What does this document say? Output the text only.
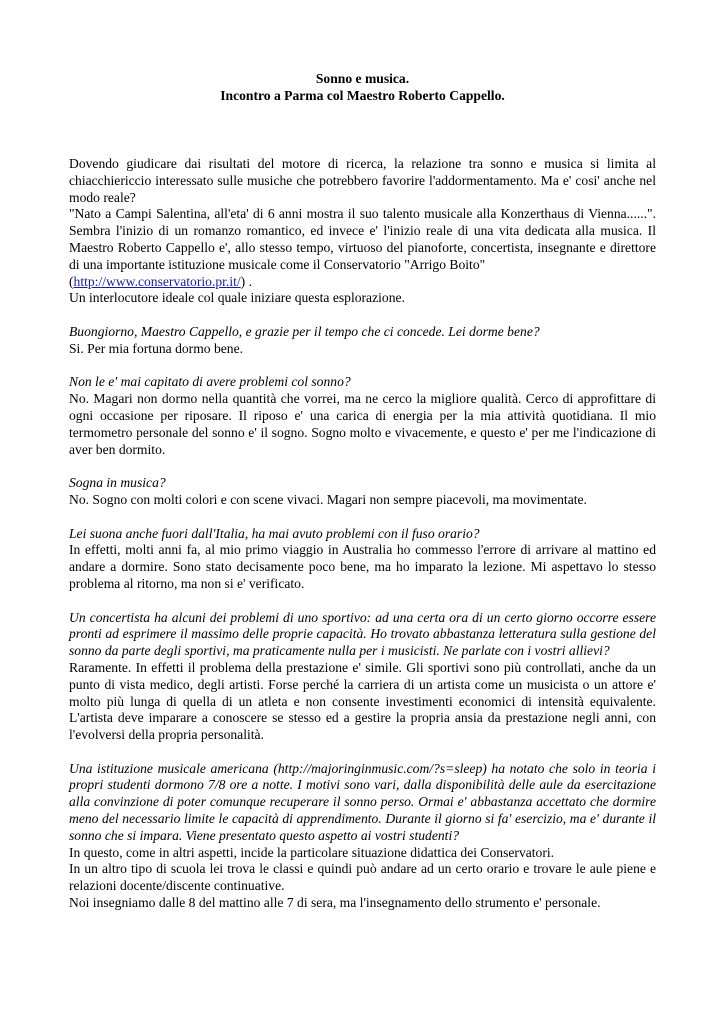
Sonno e musica.
Incontro a Parma col Maestro Roberto Cappello.

Dovendo giudicare dai risultati del motore di ricerca, la relazione tra sonno e musica si limita al chiacchiericcio interessato sulle musiche che potrebbero favorire l'addormentamento. Ma e' cosi' anche nel modo reale?

"Nato a Campi Salentina, all'eta' di 6 anni mostra il suo talento musicale alla Konzerthaus di Vienna......". Sembra l'inizio di un romanzo romantico, ed invece e' l'inizio reale di una vita dedicata alla musica. Il Maestro Roberto Cappello e', allo stesso tempo, virtuoso del pianoforte, concertista, insegnante e direttore di una importante istituzione musicale come il Conservatorio "Arrigo Boito"
(http://www.conservatorio.pr.it/) .

Un interlocutore ideale col quale iniziare questa esplorazione.

Buongiorno, Maestro Cappello, e grazie per il tempo che ci concede. Lei dorme bene?

Si. Per mia fortuna dormo bene.

Non le e' mai capitato di avere problemi col sonno?

No. Magari non dormo nella quantità che vorrei, ma ne cerco la migliore qualità. Cerco di approfittare di ogni occasione per riposare. Il riposo e' una carica di energia per la mia attività quotidiana. Il mio termometro personale del sonno e' il sogno. Sogno molto e vivacemente, e questo e' per me l'indicazione di aver ben dormito.

Sogna in musica?

No. Sogno con molti colori e con scene vivaci. Magari non sempre piacevoli, ma movimentate.

Lei suona anche fuori dall'Italia, ha mai avuto problemi con il fuso orario?

In effetti, molti anni fa, al mio primo viaggio in Australia ho commesso l'errore di arrivare al mattino ed andare a dormire. Sono stato decisamente poco bene, ma ho imparato la lezione. Mi aspettavo lo stesso problema al ritorno, ma non si e' verificato.

Un concertista ha alcuni dei problemi di uno sportivo: ad una certa ora di un certo giorno occorre essere pronti ad esprimere il massimo delle proprie capacità. Ho trovato abbastanza letteratura sulla gestione del sonno da parte degli sportivi, ma praticamente nulla per i musicisti. Ne parlate con i vostri allievi?

Raramente. In effetti il problema della prestazione e' simile. Gli sportivi sono più controllati, anche da un punto di vista medico, degli artisti. Forse perché la carriera di un artista come un musicista o un attore e' molto più lunga di quella di un atleta e non consente investimenti economici di intensità equivalente. L'artista deve imparare a conoscere se stesso ed a gestire la propria ansia da prestazione negli anni, con l'evolversi della propria personalità.

Una istituzione musicale americana (http://majoringinmusic.com/?s=sleep) ha notato che solo in teoria i propri studenti dormono 7/8 ore a notte. I motivi sono vari, dalla disponibilità delle aule da esercitazione alla convinzione di poter comunque recuperare il sonno perso. Ormai e' abbastanza accettato che dormire meno del necessario limite le capacità di apprendimento. Durante il giorno si fa' esercizio, ma e' durante il sonno che si impara. Viene presentato questo aspetto ai vostri studenti?

In questo, come in altri aspetti, incide la particolare situazione didattica dei Conservatori.

In un altro tipo di scuola lei trova le classi e quindi può andare ad un certo orario e trovare le aule piene e relazioni docente/discente continuative.

Noi insegniamo dalle 8 del mattino alle 7 di sera, ma l'insegnamento dello strumento e' personale.
